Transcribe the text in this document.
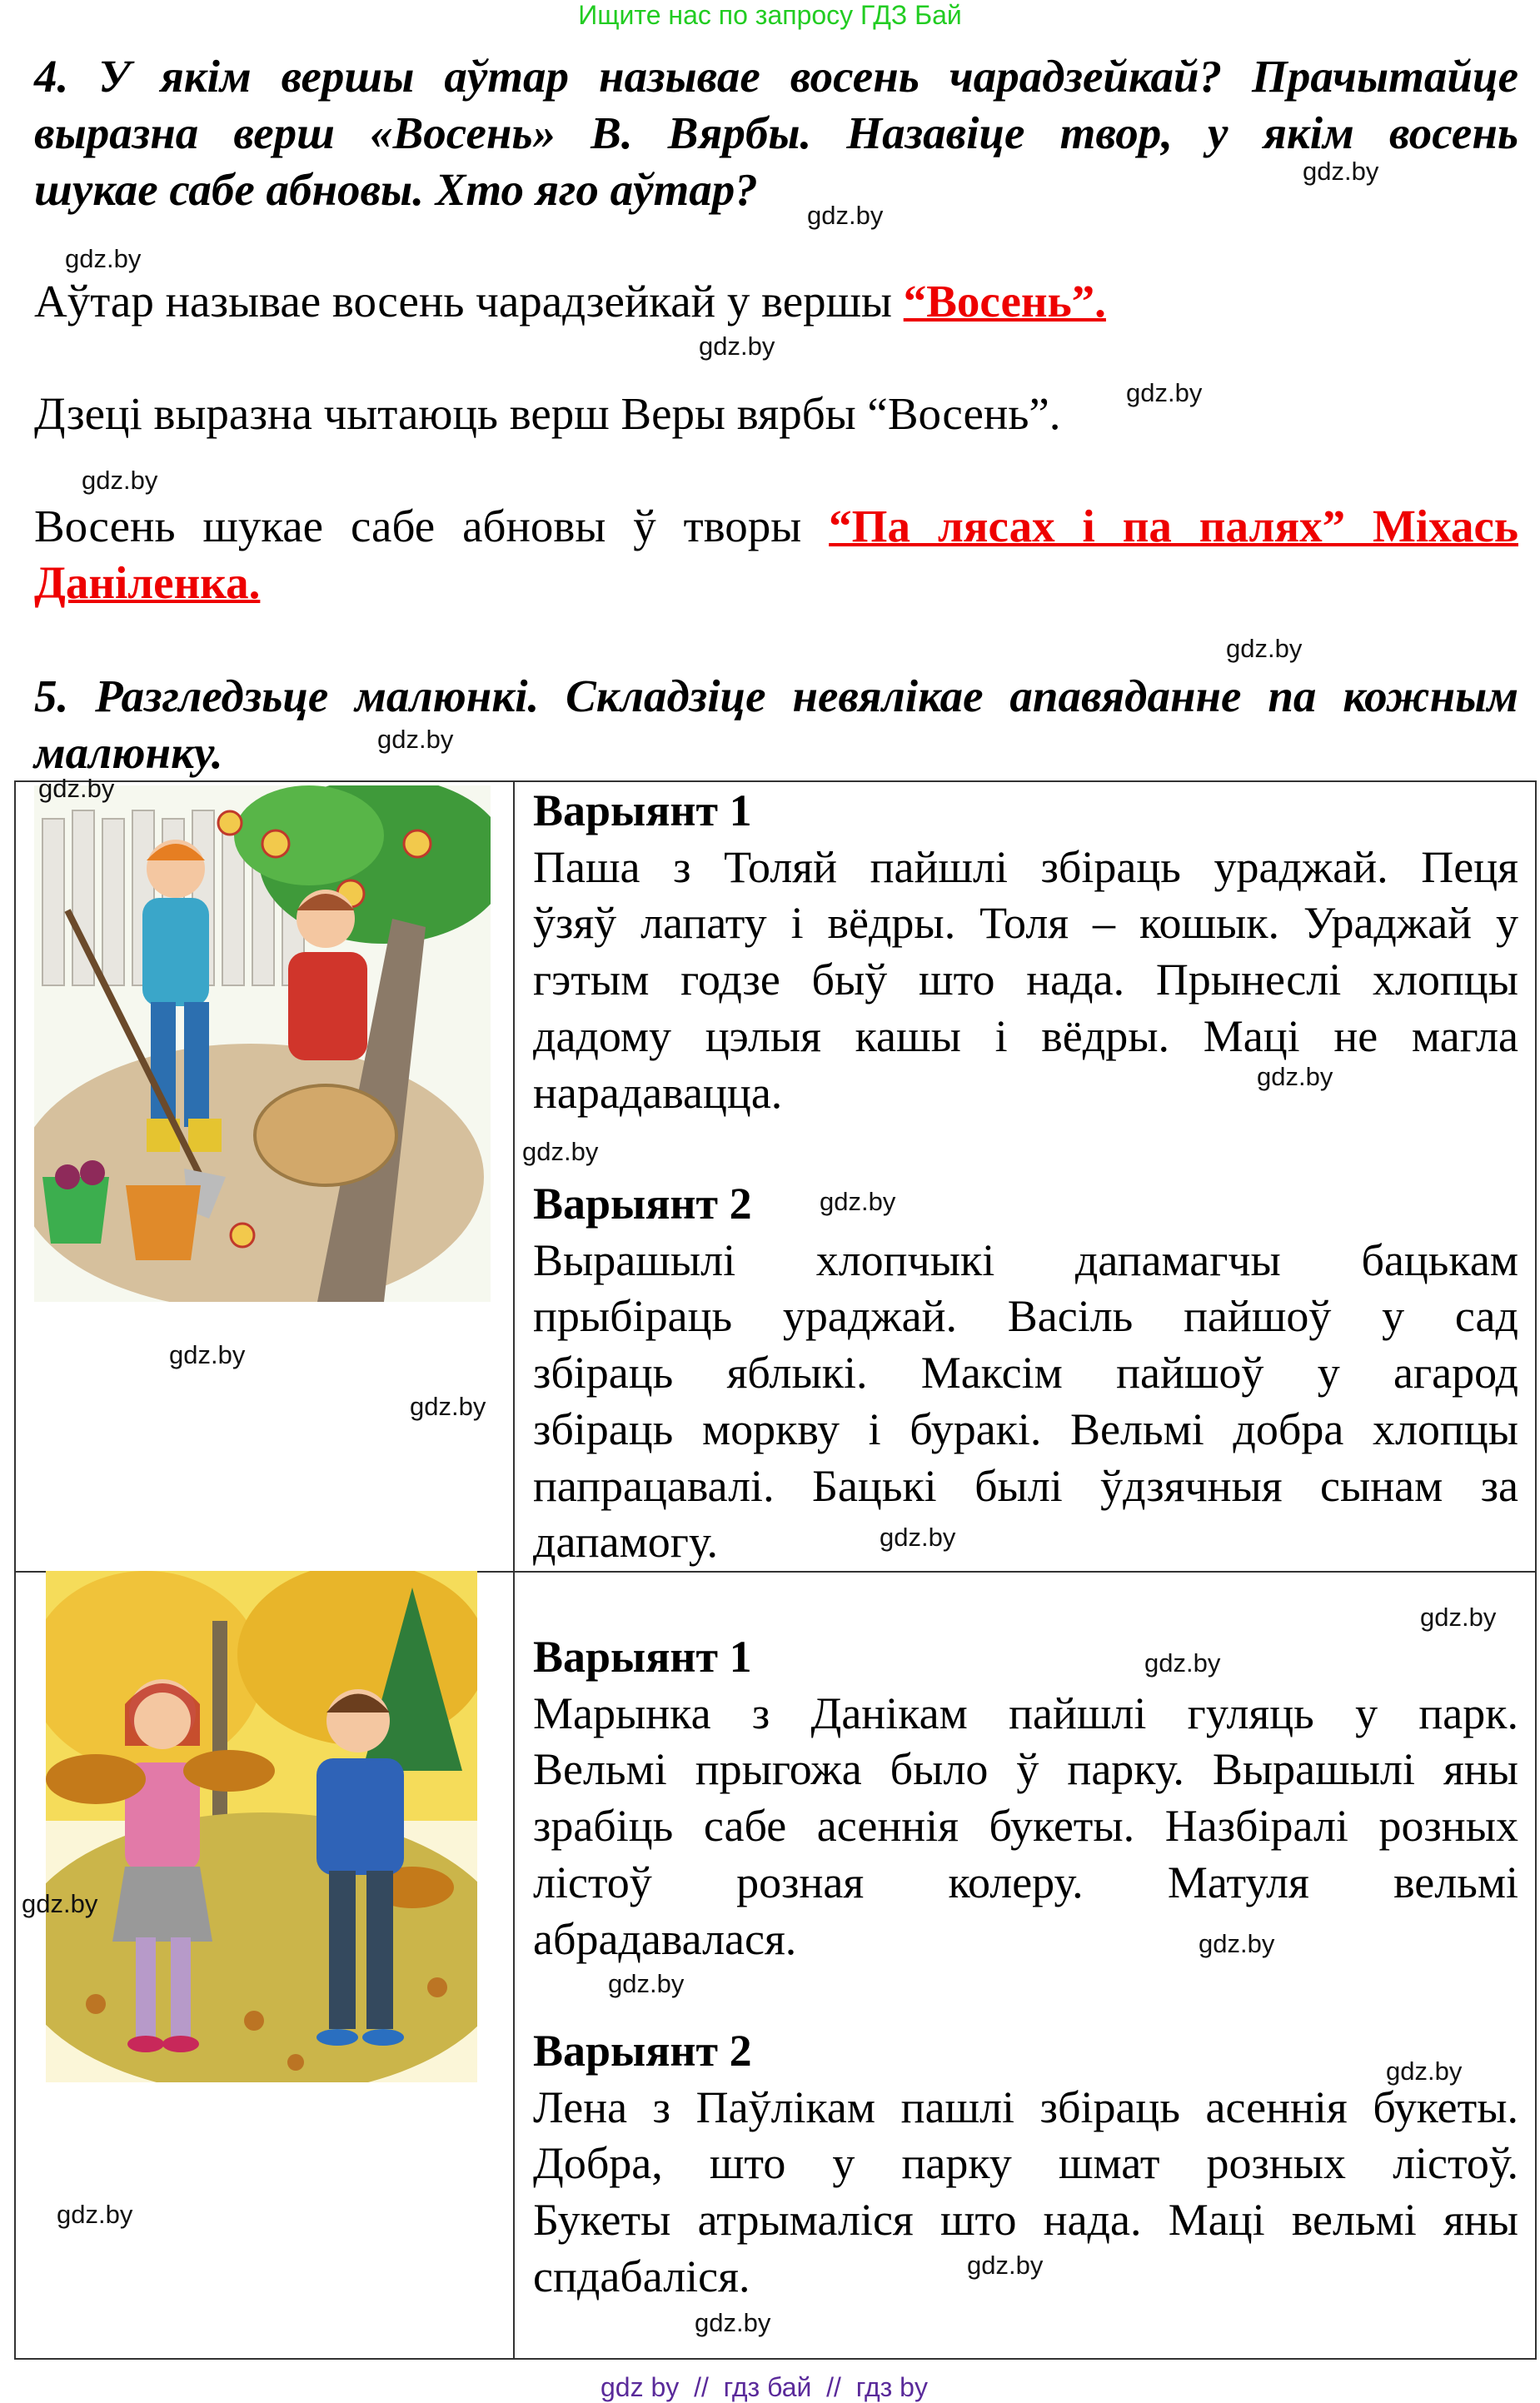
Ищите нас по запросу ГДЗ Бай
4. У якім вершы аўтар называе восень чарадзейкай? Прачытайце
выразна верш «Восень» В. Вярбы. Назавіце твор, у якім восень
шукае сабе абновы. Хто яго аўтар?
Аўтар называе восень чарадзейкай у вершы “Восень”.
Дзеці выразна чытаюць верш Веры вярбы “Восень”.
Восень шукае сабе абновы ў творы “Па лясах і па палях” Міхась
Даніленка.
5. Разгледзьце малюнкі. Складзіце невялікае апавяданне па кожным
малюнку.
Варыянт 1
Паша з Толяй пайшлі збіраць ураджай. Пеця
ўзяў лапату і вёдры. Толя – кошык. Ураджай у
гэтым годзе быў што нада. Прынеслі хлопцы
дадому цэлыя кашы і вёдры. Маці не магла
нарадавацца.
Варыянт 2
Вырашылі хлопчыкі дапамагчы бацькам
прыбіраць ураджай. Васіль пайшоў у сад
збіраць яблыкі. Максім пайшоў у агарод
збіраць моркву і буракі. Вельмі добра хлопцы
папрацавалі. Бацькі былі ўдзячныя сынам за
дапамогу.
Варыянт 1
Марынка з Данікам пайшлі гуляць у парк.
Вельмі прыгожа было ў парку. Вырашылі яны
зрабіць сабе асеннія букеты. Назбіралі розных
лістоў розная колеру. Матуля вельмі
абрадавалася.
Варыянт 2
Лена з Паўлікам пашлі збіраць асеннія букеты.
Добра, што у парку шмат розных лістоў.
Букеты атрымаліся што нада. Маці вельмі яны
спдабаліся.
gdz.by
gdz.by
gdz.by
gdz.by
gdz.by
gdz.by
gdz.by
gdz.by
gdz.by
gdz.by
gdz.by
gdz.by
gdz.by
gdz.by
gdz.by
gdz.by
gdz.by
gdz.by
gdz.by
gdz.by
gdz.by
gdz.by
gdz.by
gdz.by
gdz by  //  гдз бай  //  гдз by
